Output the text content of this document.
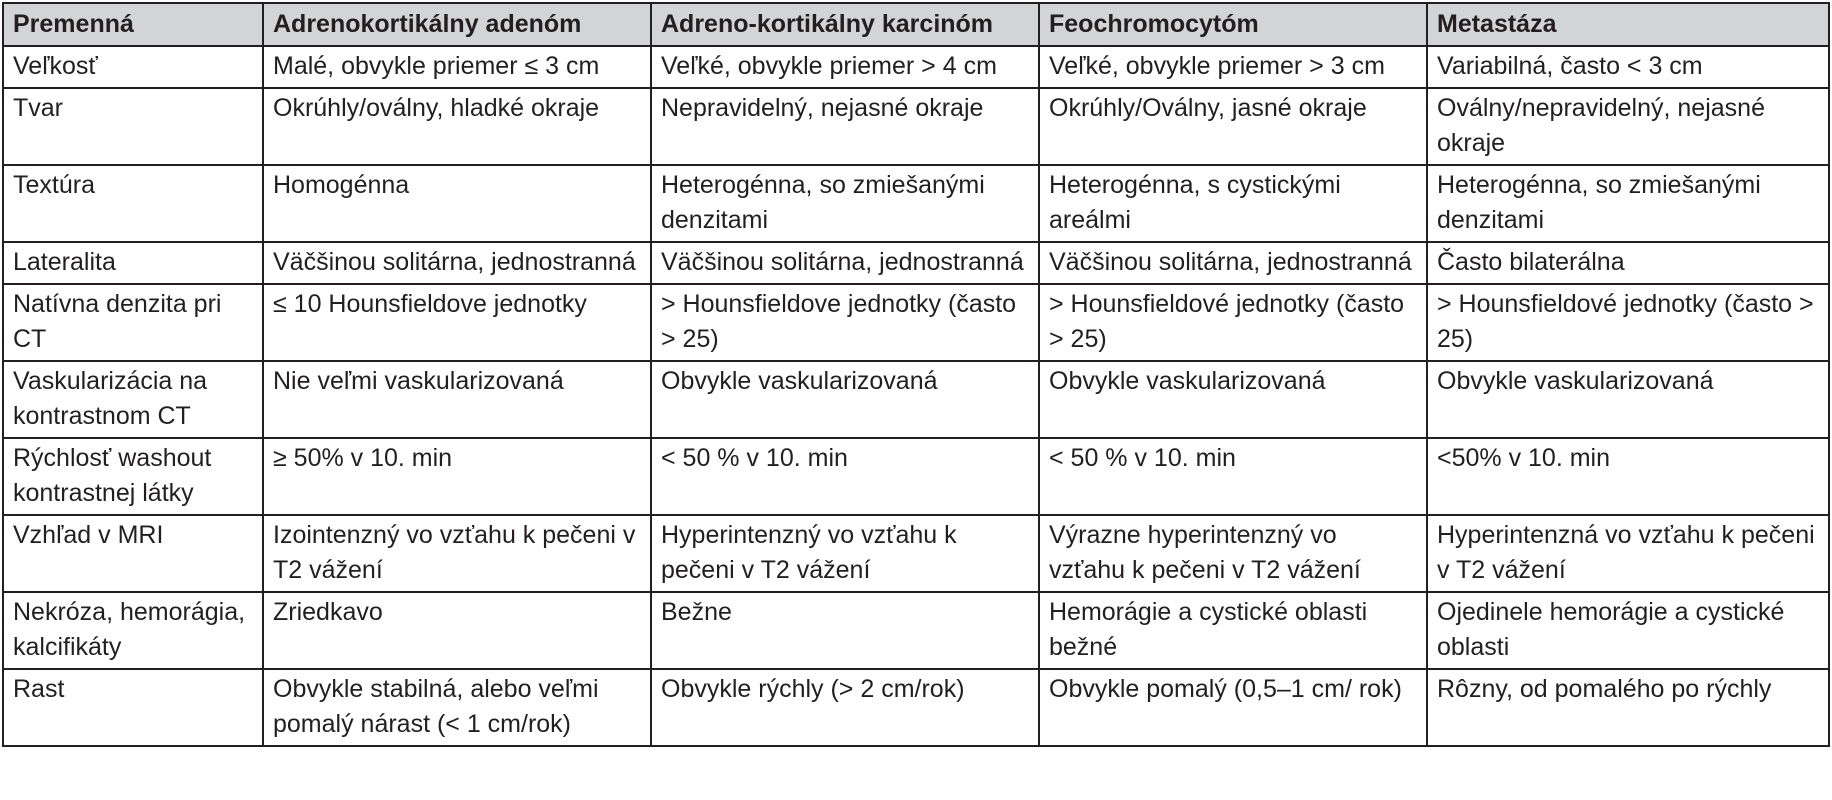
Premenná	Adrenokortikálny adenóm	Adreno-kortikálny karcinóm	Feochromocytóm	Metastáza
Veľkosť	Malé, obvykle priemer ≤ 3 cm	Veľké, obvykle priemer > 4 cm	Veľké, obvykle priemer > 3 cm	Variabilná, často < 3 cm
Tvar	Okrúhly/oválny, hladké okraje	Nepravidelný, nejasné okraje	Okrúhly/Oválny, jasné okraje	Oválny/nepravidelný, nejasné okraje
Textúra	Homogénna	Heterogénna, so zmiešanými denzitami	Heterogénna, s cystickými areálmi	Heterogénna, so zmiešanými denzitami
Lateralita	Väčšinou solitárna, jednostranná	Väčšinou solitárna, jednostranná	Väčšinou solitárna, jednostranná	Často bilaterálna
Natívna denzita pri CT	≤ 10 Hounsfieldove jednotky	> Hounsfieldove jednotky (často > 25)	> Hounsfieldové jednotky (často > 25)	> Hounsfieldové jednotky (často > 25)
Vaskularizácia na kontrastnom CT	Nie veľmi vaskularizovaná	Obvykle vaskularizovaná	Obvykle vaskularizovaná	Obvykle vaskularizovaná
Rýchlosť washout kontrastnej látky	≥ 50% v 10. min	< 50 % v 10. min	< 50 % v 10. min	<50% v 10. min
Vzhľad v MRI	Izointenzný vo vzťahu k pečeni v T2 vážení	Hyperintenzný vo vzťahu k pečeni v T2 vážení	Výrazne hyperintenzný vo vzťahu k pečeni v T2 vážení	Hyperintenzná vo vzťahu k pečeni v T2 vážení
Nekróza, hemorágia, kalcifikáty	Zriedkavo	Bežne	Hemorágie a cystické oblasti bežné	Ojedinele hemorágie a cystické oblasti
Rast	Obvykle stabilná, alebo veľmi pomalý nárast (< 1 cm/rok)	Obvykle rýchly (> 2 cm/rok)	Obvykle pomalý (0,5–1 cm/ rok)	Rôzny, od pomalého po rýchly
